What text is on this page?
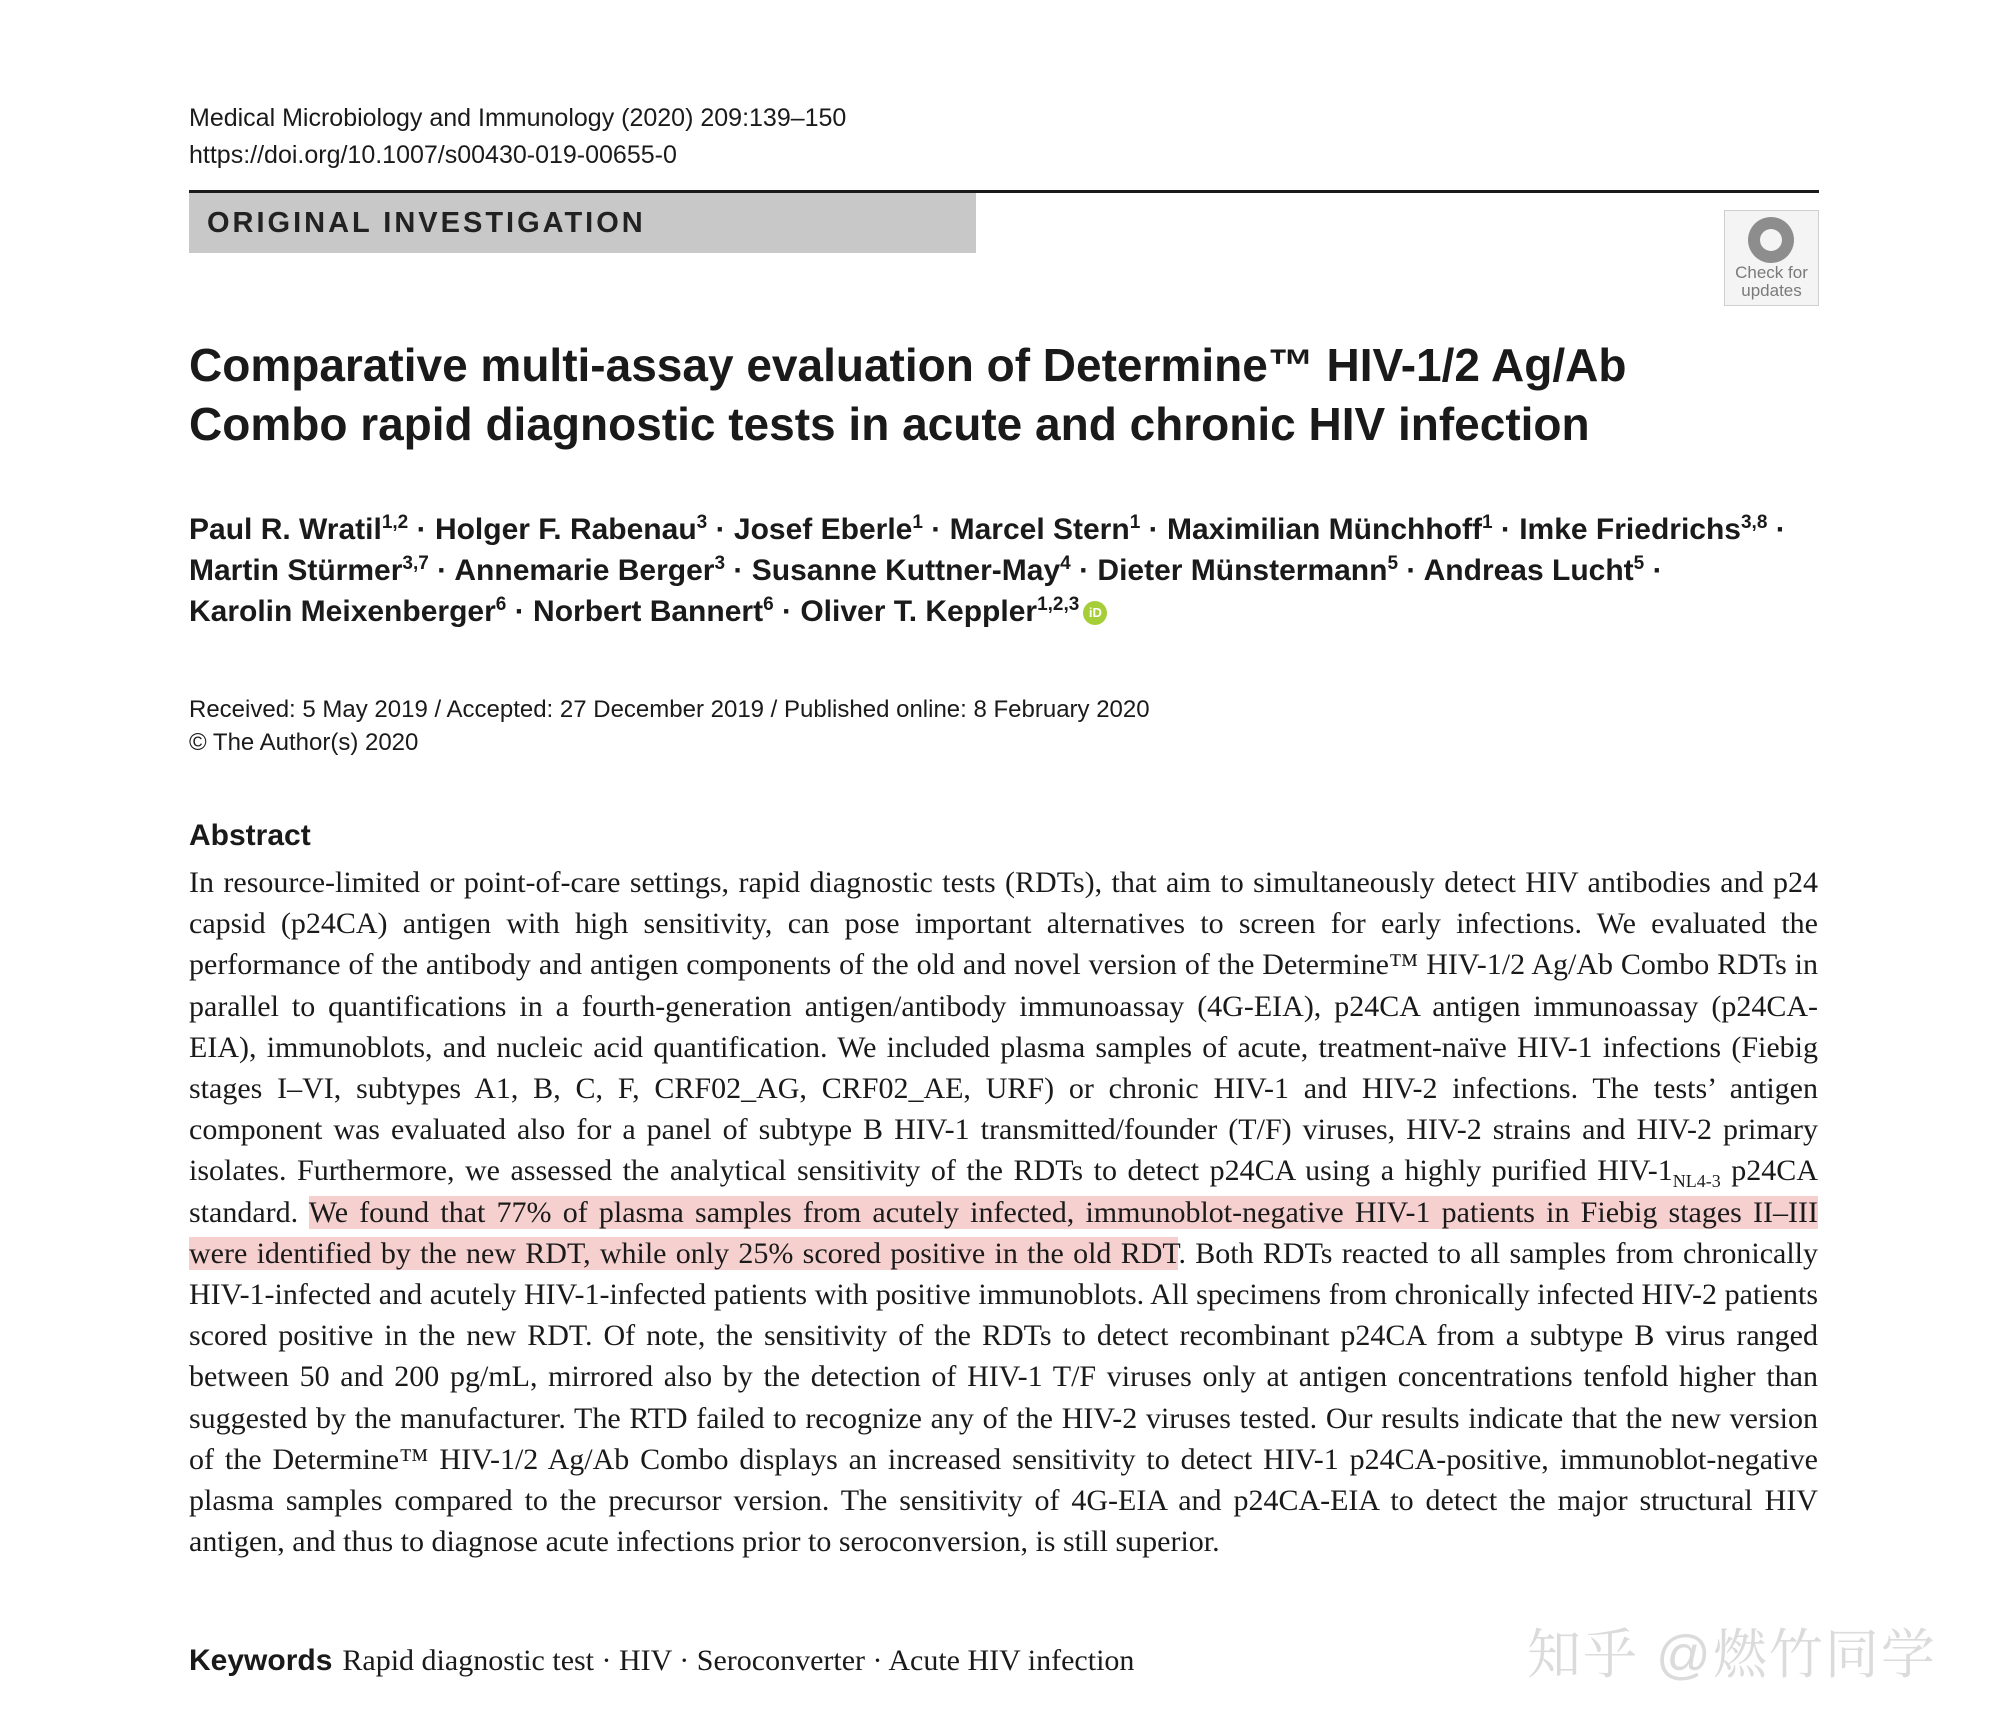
Medical Microbiology and Immunology (2020) 209:139–150
https://doi.org/10.1007/s00430-019-00655-0
ORIGINAL INVESTIGATION
Check for
updates
Comparative multi-assay evaluation of Determine™ HIV-1/2 Ag/Ab
Combo rapid diagnostic tests in acute and chronic HIV infection
Paul R. Wratil$^{1,2}$ · Holger F. Rabenau$^3$ · Josef Eberle$^1$ · Marcel Stern$^1$ · Maximilian Münchhoff$^1$ · Imke Friedrichs$^{3,8}$ ·
Martin Stürmer$^{3,7}$ · Annemarie Berger$^3$ · Susanne Kuttner-May$^4$ · Dieter Münstermann$^5$ · Andreas Lucht$^5$ ·
Karolin Meixenberger$^6$ · Norbert Bannert$^6$ · Oliver T. Keppler$^{1,2,3}$ iD
Received: 5 May 2019 / Accepted: 27 December 2019 / Published online: 8 February 2020
© The Author(s) 2020
Abstract
In resource-limited or point-of-care settings, rapid diagnostic tests (RDTs), that aim to simultaneously detect HIV antibodies and p24 capsid (p24CA) antigen with high sensitivity, can pose important alternatives to screen for early infections. We evaluated the performance of the antibody and antigen components of the old and novel version of the Determine™ HIV-1/2 Ag/Ab Combo RDTs in parallel to quantifications in a fourth-generation antigen/antibody immunoassay (4G-EIA), p24CA antigen immunoassay (p24CA-EIA), immunoblots, and nucleic acid quantification. We included plasma samples of acute, treatment-naïve HIV-1 infections (Fiebig stages I–VI, subtypes A1, B, C, F, CRF02_AG, CRF02_AE, URF) or chronic HIV-1 and HIV-2 infections. The tests’ antigen component was evaluated also for a panel of subtype B HIV-1 transmitted/founder (T/F) viruses, HIV-2 strains and HIV-2 primary isolates. Furthermore, we assessed the analytical sensitivity of the RDTs to detect p24CA using a highly purified HIV-$1_{NL4-3}$ p24CA standard. We found that 77% of plasma samples from acutely infected, immunoblot-negative HIV-1 patients in Fiebig stages II–III were identified by the new RDT, while only 25% scored positive in the old RDT. Both RDTs reacted to all samples from chronically HIV-1-infected and acutely HIV-1-infected patients with positive immunoblots. All specimens from chronically infected HIV-2 patients scored positive in the new RDT. Of note, the sensitivity of the RDTs to detect recombinant p24CA from a subtype B virus ranged between 50 and 200 pg/mL, mirrored also by the detection of HIV-1 T/F viruses only at antigen concentrations tenfold higher than suggested by the manufacturer. The RTD failed to recognize any of the HIV-2 viruses tested. Our results indicate that the new version of the Determine™ HIV-1/2 Ag/Ab Combo displays an increased sensitivity to detect HIV-1 p24CA-positive, immunoblot-negative plasma samples compared to the precursor version. The sensitivity of 4G-EIA and p24CA-EIA to detect the major structural HIV antigen, and thus to diagnose acute infections prior to seroconversion, is still superior.
Keywords Rapid diagnostic test · HIV · Seroconverter · Acute HIV infection	知乎 @燃竹同学
